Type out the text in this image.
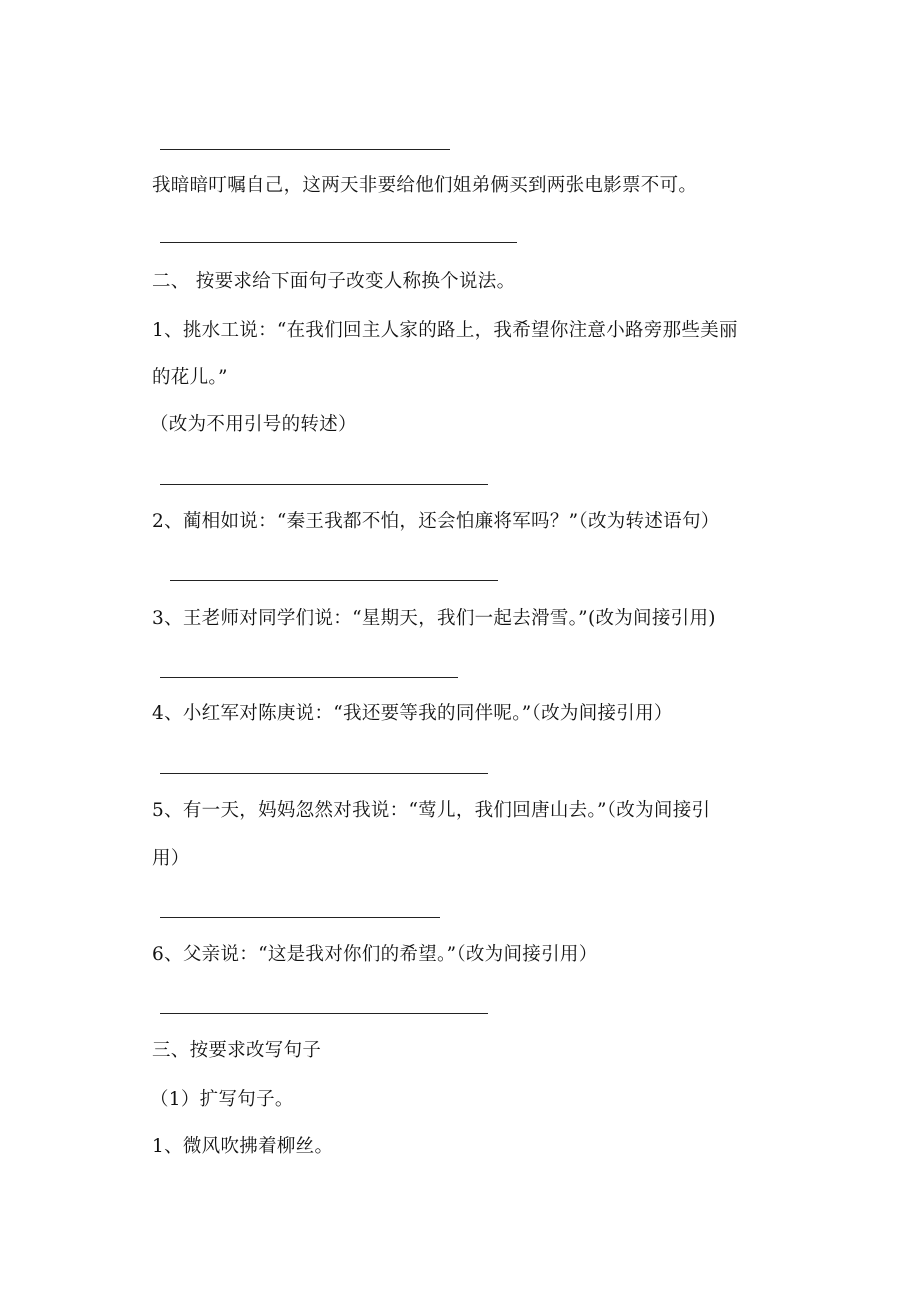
我暗暗叮嘱自己，这两天非要给他们姐弟俩买到两张电影票不可。
二、 按要求给下面句子改变人称换个说法。
1、挑水工说：“在我们回主人家的路上，我希望你注意小路旁那些美丽
的花儿。”
（改为不用引号的转述）
2、蔺相如说：“秦王我都不怕，还会怕廉将军吗？”（改为转述语句）
3、王老师对同学们说：“星期天，我们一起去滑雪。”(改为间接引用)
4、小红军对陈庚说：“我还要等我的同伴呢。”（改为间接引用）
5、有一天，妈妈忽然对我说：“莺儿，我们回唐山去。”（改为间接引
用）
6、父亲说：“这是我对你们的希望。”（改为间接引用）
三、按要求改写句子
（1）扩写句子。
1、微风吹拂着柳丝。
